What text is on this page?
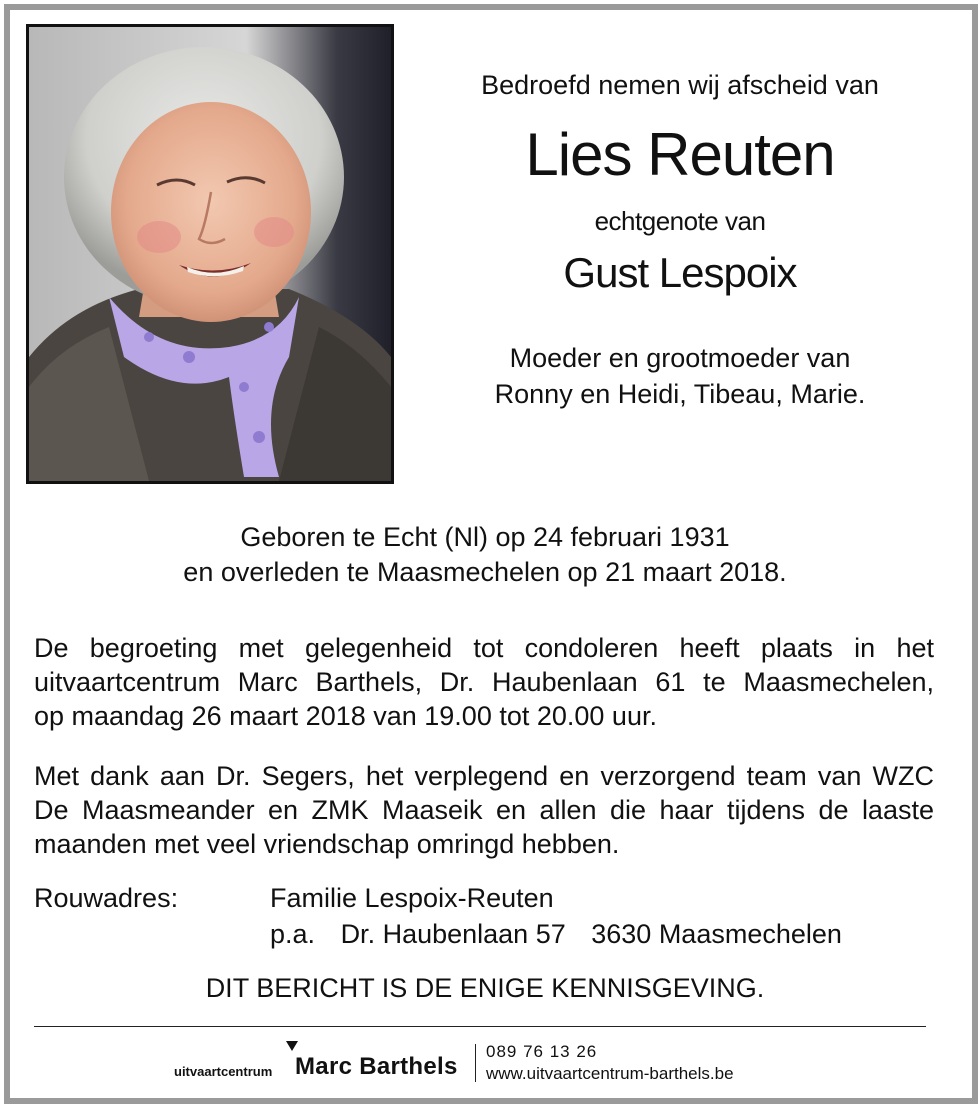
Bedroefd nemen wij afscheid van

Lies Reuten

echtgenote van

Gust Lespoix

Moeder en grootmoeder van
Ronny en Heidi, Tibeau, Marie.

Geboren te Echt (Nl) op 24 februari 1931
en overleden te Maasmechelen op 21 maart 2018.
De begroeting met gelegenheid tot condoleren heeft plaats in het
uitvaartcentrum Marc Barthels, Dr. Haubenlaan 61 te Maasmechelen,
op maandag 26 maart 2018 van 19.00 tot 20.00 uur.
Met dank aan Dr. Segers, het verplegend en verzorgend team van WZC
De Maasmeander en ZMK Maaseik en allen die haar tijdens de laaste
maanden met veel vriendschap omringd hebben.
Rouwadres:	Familie Lespoix-Reuten
p.a. Dr. Haubenlaan 57 3630 Maasmechelen
DIT BERICHT IS DE ENIGE KENNISGEVING.
uitvaartcentrum Marc Barthels
089 76 13 26
www.uitvaartcentrum-barthels.be
